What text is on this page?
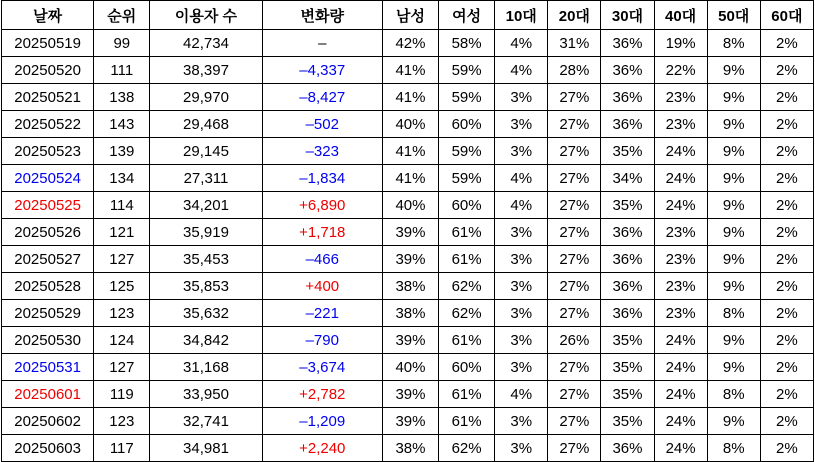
날짜	순위	이용자 수	변화량	남성	여성	10대	20대	30대	40대	50대	60대
20250519	99	42,734	–	42%	58%	4%	31%	36%	19%	8%	2%
20250520	111	38,397	–4,337	41%	59%	4%	28%	36%	22%	9%	2%
20250521	138	29,970	–8,427	41%	59%	3%	27%	36%	23%	9%	2%
20250522	143	29,468	–502	40%	60%	3%	27%	36%	23%	9%	2%
20250523	139	29,145	–323	41%	59%	3%	27%	35%	24%	9%	2%
20250524	134	27,311	–1,834	41%	59%	4%	27%	34%	24%	9%	2%
20250525	114	34,201	+6,890	40%	60%	4%	27%	35%	24%	9%	2%
20250526	121	35,919	+1,718	39%	61%	3%	27%	36%	23%	9%	2%
20250527	127	35,453	–466	39%	61%	3%	27%	36%	23%	9%	2%
20250528	125	35,853	+400	38%	62%	3%	27%	36%	23%	9%	2%
20250529	123	35,632	–221	38%	62%	3%	27%	36%	23%	8%	2%
20250530	124	34,842	–790	39%	61%	3%	26%	35%	24%	9%	2%
20250531	127	31,168	–3,674	40%	60%	3%	27%	35%	24%	9%	2%
20250601	119	33,950	+2,782	39%	61%	4%	27%	35%	24%	8%	2%
20250602	123	32,741	–1,209	39%	61%	3%	27%	35%	24%	9%	2%
20250603	117	34,981	+2,240	38%	62%	3%	27%	36%	24%	8%	2%
